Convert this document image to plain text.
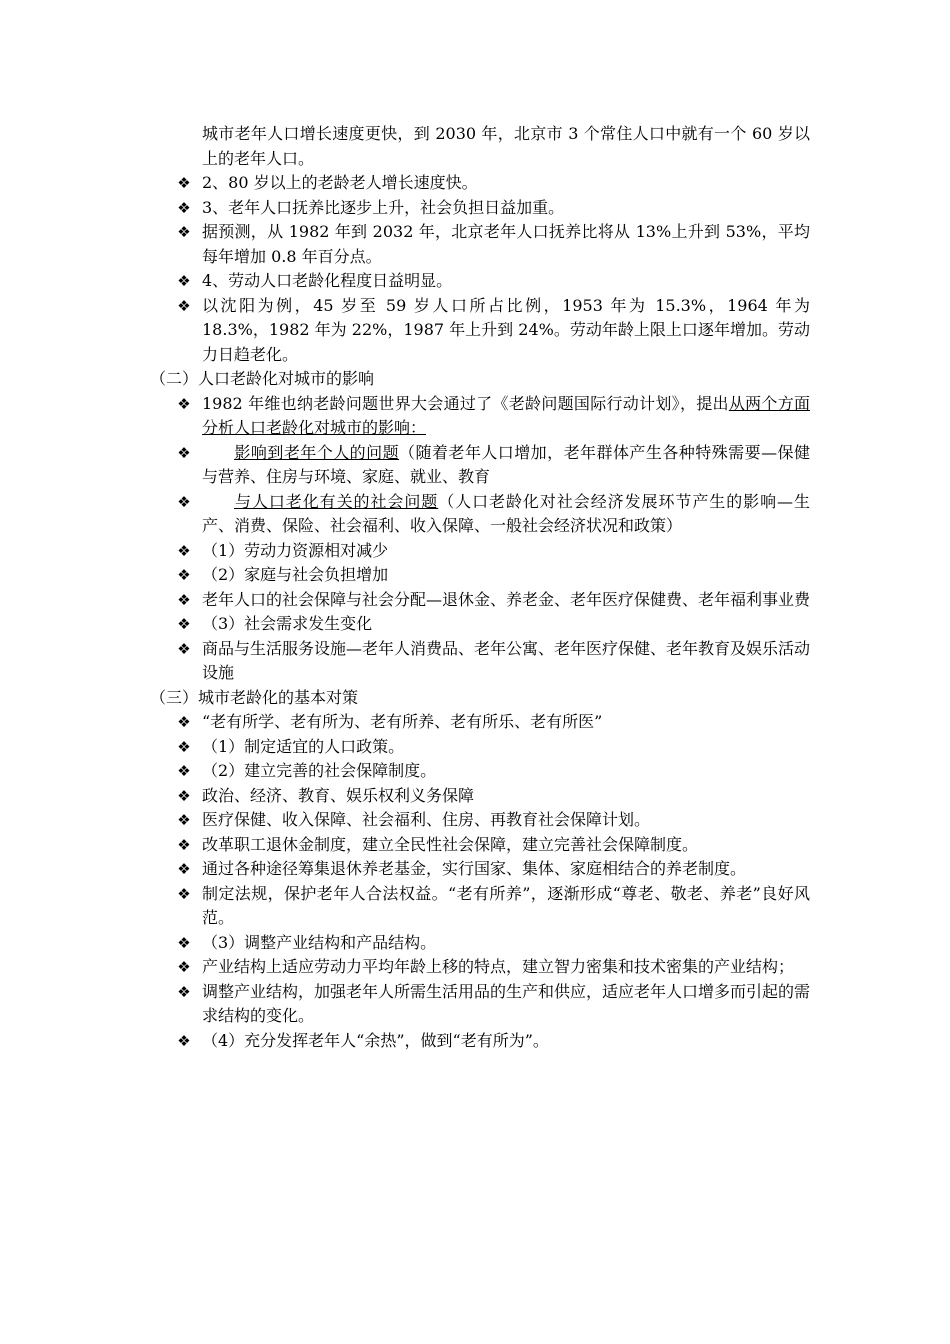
城市老年人口增长速度更快，到 2030 年，北京市 3 个常住人口中就有一个 60 岁以上的老年人口。
❖ 2、80 岁以上的老龄老人增长速度快。
❖ 3、老年人口抚养比逐步上升，社会负担日益加重。
❖ 据预测，从 1982 年到 2032 年，北京老年人口抚养比将从 13%上升到 53%，平均每年增加 0.8 年百分点。
❖ 4、劳动人口老龄化程度日益明显。
❖ 以沈阳为例，45 岁至 59 岁人口所占比例，1953 年为 15.3%，1964 年为 18.3%，1982 年为 22%，1987 年上升到 24%。劳动年龄上限上口逐年增加。劳动力日趋老化。
（二）人口老龄化对城市的影响
❖ 1982 年维也纳老龄问题世界大会通过了《老龄问题国际行动计划》，提出从两个方面分析人口老龄化对城市的影响：
❖	影响到老年个人的问题（随着老年人口增加，老年群体产生各种特殊需要—保健与营养、住房与环境、家庭、就业、教育
❖	与人口老化有关的社会问题（人口老龄化对社会经济发展环节产生的影响—生产、消费、保险、社会福利、收入保障、一般社会经济状况和政策）
❖ （1）劳动力资源相对减少
❖ （2）家庭与社会负担增加
❖ 老年人口的社会保障与社会分配—退休金、养老金、老年医疗保健费、老年福利事业费
❖ （3）社会需求发生变化
❖ 商品与生活服务设施—老年人消费品、老年公寓、老年医疗保健、老年教育及娱乐活动设施
（三）城市老龄化的基本对策
❖ “老有所学、老有所为、老有所养、老有所乐、老有所医”
❖ （1）制定适宜的人口政策。
❖ （2）建立完善的社会保障制度。
❖ 政治、经济、教育、娱乐权利义务保障
❖ 医疗保健、收入保障、社会福利、住房、再教育社会保障计划。
❖ 改革职工退休金制度，建立全民性社会保障，建立完善社会保障制度。
❖ 通过各种途径筹集退休养老基金，实行国家、集体、家庭相结合的养老制度。
❖ 制定法规，保护老年人合法权益。“老有所养”，逐渐形成“尊老、敬老、养老”良好风范。
❖ （3）调整产业结构和产品结构。
❖ 产业结构上适应劳动力平均年龄上移的特点，建立智力密集和技术密集的产业结构；
❖ 调整产业结构，加强老年人所需生活用品的生产和供应，适应老年人口增多而引起的需求结构的变化。
❖ （4）充分发挥老年人“余热”，做到“老有所为”。
